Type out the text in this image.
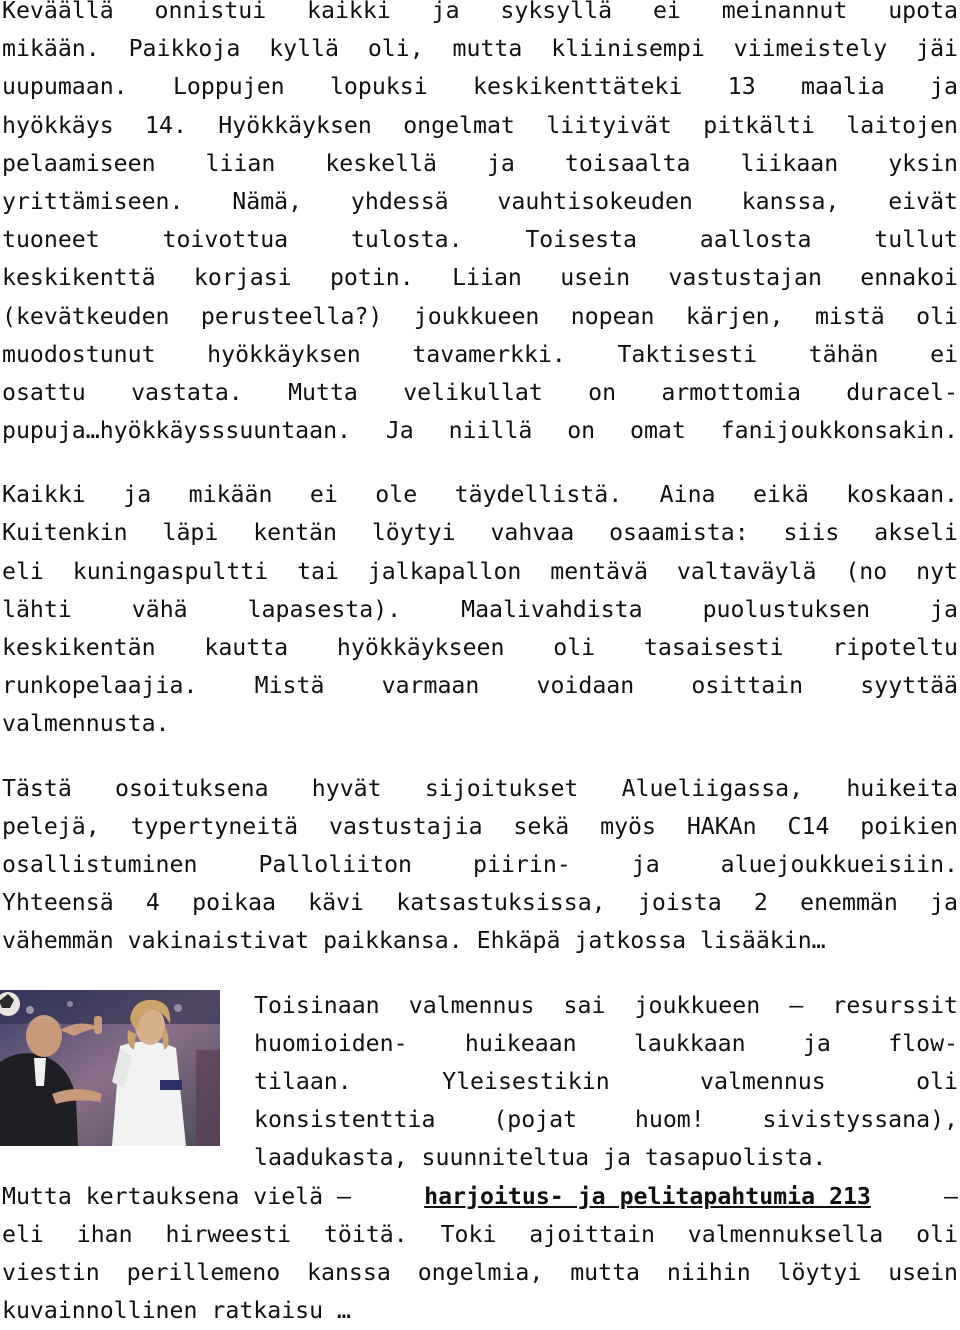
Keväällä onnistui kaikki ja syksyllä ei meinannut upota
mikään. Paikkoja kyllä oli, mutta kliinisempi viimeistely jäi
uupumaan. Loppujen lopuksi keskikenttäteki 13 maalia ja
hyökkäys 14. Hyökkäyksen ongelmat liityivät pitkälti laitojen
pelaamiseen liian keskellä ja toisaalta liikaan yksin
yrittämiseen. Nämä, yhdessä vauhtisokeuden kanssa, eivät
tuoneet toivottua tulosta. Toisesta aallosta tullut
keskikenttä korjasi potin. Liian usein vastustajan ennakoi
(kevätkeuden perusteella?) joukkueen nopean kärjen, mistä oli
muodostunut hyökkäyksen tavamerkki. Taktisesti tähän ei
osattu vastata. Mutta velikullat on armottomia duracel-
pupuja…hyökkäysssuuntaan. Ja niillä on omat fanijoukkonsakin.
Kaikki ja mikään ei ole täydellistä. Aina eikä koskaan.
Kuitenkin läpi kentän löytyi vahvaa osaamista: siis akseli
eli kuningaspultti tai jalkapallon mentävä valtaväylä (no nyt
lähti vähä lapasesta). Maalivahdista puolustuksen ja
keskikentän kautta hyökkäykseen oli tasaisesti ripoteltu
runkopelaajia. Mistä varmaan voidaan osittain syyttää
valmennusta.
Tästä osoituksena hyvät sijoitukset Alueliigassa, huikeita
pelejä, typertyneitä vastustajia sekä myös HAKAn C14 poikien
osallistuminen Palloliiton piirin- ja aluejoukkueisiin.
Yhteensä 4 poikaa kävi katsastuksissa, joista 2 enemmän ja
vähemmän vakinaistivat paikkansa. Ehkäpä jatkossa lisääkin…
Toisinaan valmennus sai joukkueen – resurssit
huomioiden- huikeaan laukkaan ja flow-
tilaan. Yleisestikin valmennus oli
konsistenttia (pojat huom! sivistyssana),
laadukasta, suunniteltua ja tasapuolista.
Mutta kertauksena vielä –	harjoitus- ja pelitapahtumia 213	–
eli ihan hirweesti töitä. Toki ajoittain valmennuksella oli
viestin perillemeno kanssa ongelmia, mutta niihin löytyi usein
kuvainnollinen ratkaisu …
